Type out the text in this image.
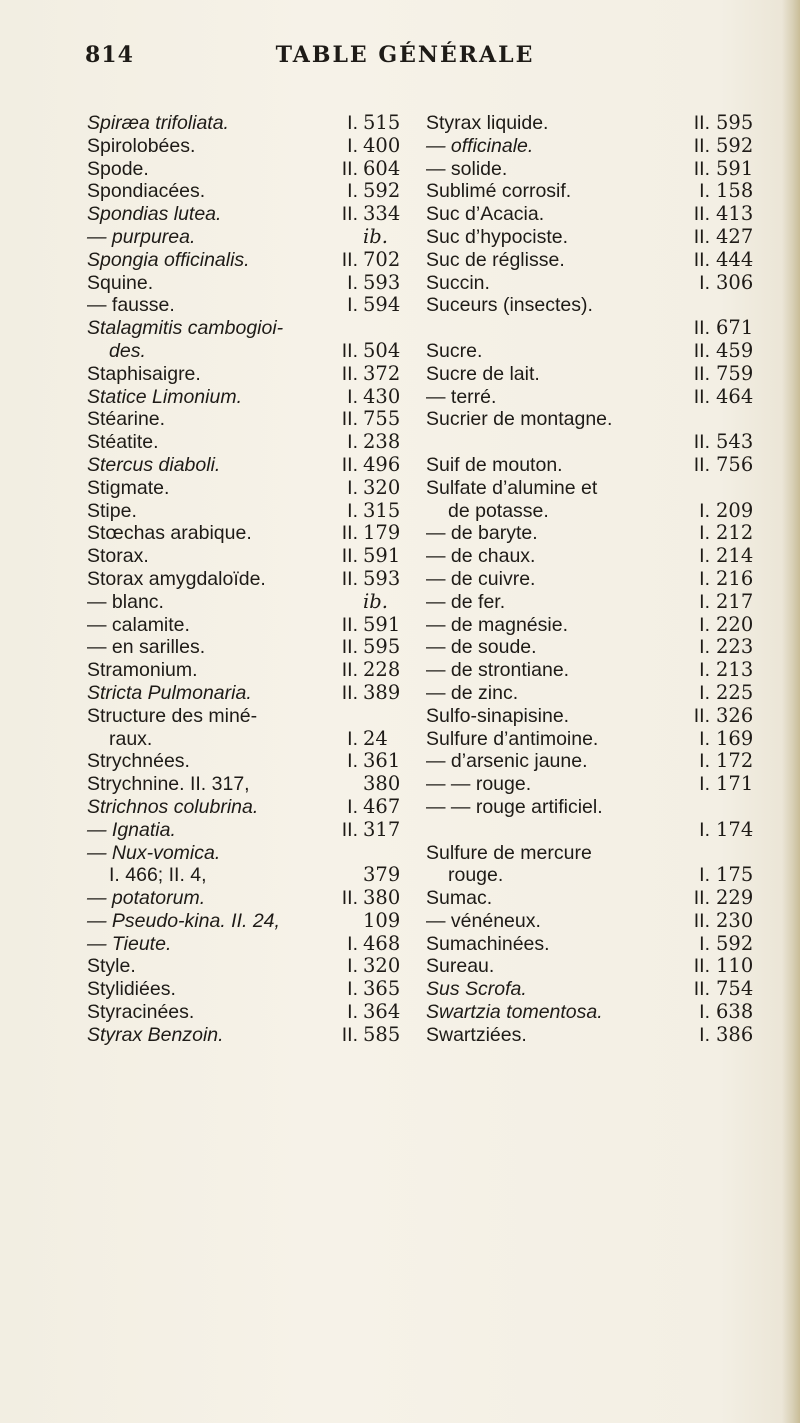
814	TABLE GÉNÉRALE
Spiræa trifoliata.	I. 515
Spirolobées.	I. 400
Spode.	II. 604
Spondiacées.	I. 592
Spondias lutea.	II. 334
— purpurea.	ib.
Spongia officinalis.	II. 702
Squine.	I. 593
— fausse.	I. 594
Stalagmitis cambogioi-
des.	II. 504
Staphisaigre.	II. 372
Statice Limonium.	I. 430
Stéarine.	II. 755
Stéatite.	I. 238
Stercus diaboli.	II. 496
Stigmate.	I. 320
Stipe.	I. 315
Stœchas arabique.	II. 179
Storax.	II. 591
Storax amygdaloïde.	II. 593
— blanc.	ib.
— calamite.	II. 591
— en sarilles.	II. 595
Stramonium.	II. 228
Stricta Pulmonaria.	II. 389
Structure des miné-
raux.	I. 24
Strychnées.	I. 361
Strychnine. II. 317,	380
Strichnos colubrina.	I. 467
— Ignatia.	II. 317
— Nux-vomica.
I. 466; II. 4,	379
— potatorum.	II. 380
— Pseudo-kina. II. 24,	109
— Tieute.	I. 468
Style.	I. 320
Stylidiées.	I. 365
Styracinées.	I. 364
Styrax Benzoin.	II. 585
Styrax liquide.	II. 595
— officinale.	II. 592
— solide.	II. 591
Sublimé corrosif.	I. 158
Suc d’Acacia.	II. 413
Suc d’hypociste.	II. 427
Suc de réglisse.	II. 444
Succin.	I. 306
Suceurs (insectes).
II. 671
Sucre.	II. 459
Sucre de lait.	II. 759
— terré.	II. 464
Sucrier de montagne.
II. 543
Suif de mouton.	II. 756
Sulfate d’alumine et
de potasse.	I. 209
— de baryte.	I. 212
— de chaux.	I. 214
— de cuivre.	I. 216
— de fer.	I. 217
— de magnésie.	I. 220
— de soude.	I. 223
— de strontiane.	I. 213
— de zinc.	I. 225
Sulfo-sinapisine.	II. 326
Sulfure d’antimoine.	I. 169
— d’arsenic jaune.	I. 172
— — rouge.	I. 171
— — rouge artificiel.
I. 174
Sulfure de mercure
rouge.	I. 175
Sumac.	II. 229
— vénéneux.	II. 230
Sumachinées.	I. 592
Sureau.	II. 110
Sus Scrofa.	II. 754
Swartzia tomentosa.	I. 638
Swartziées.	I. 386
